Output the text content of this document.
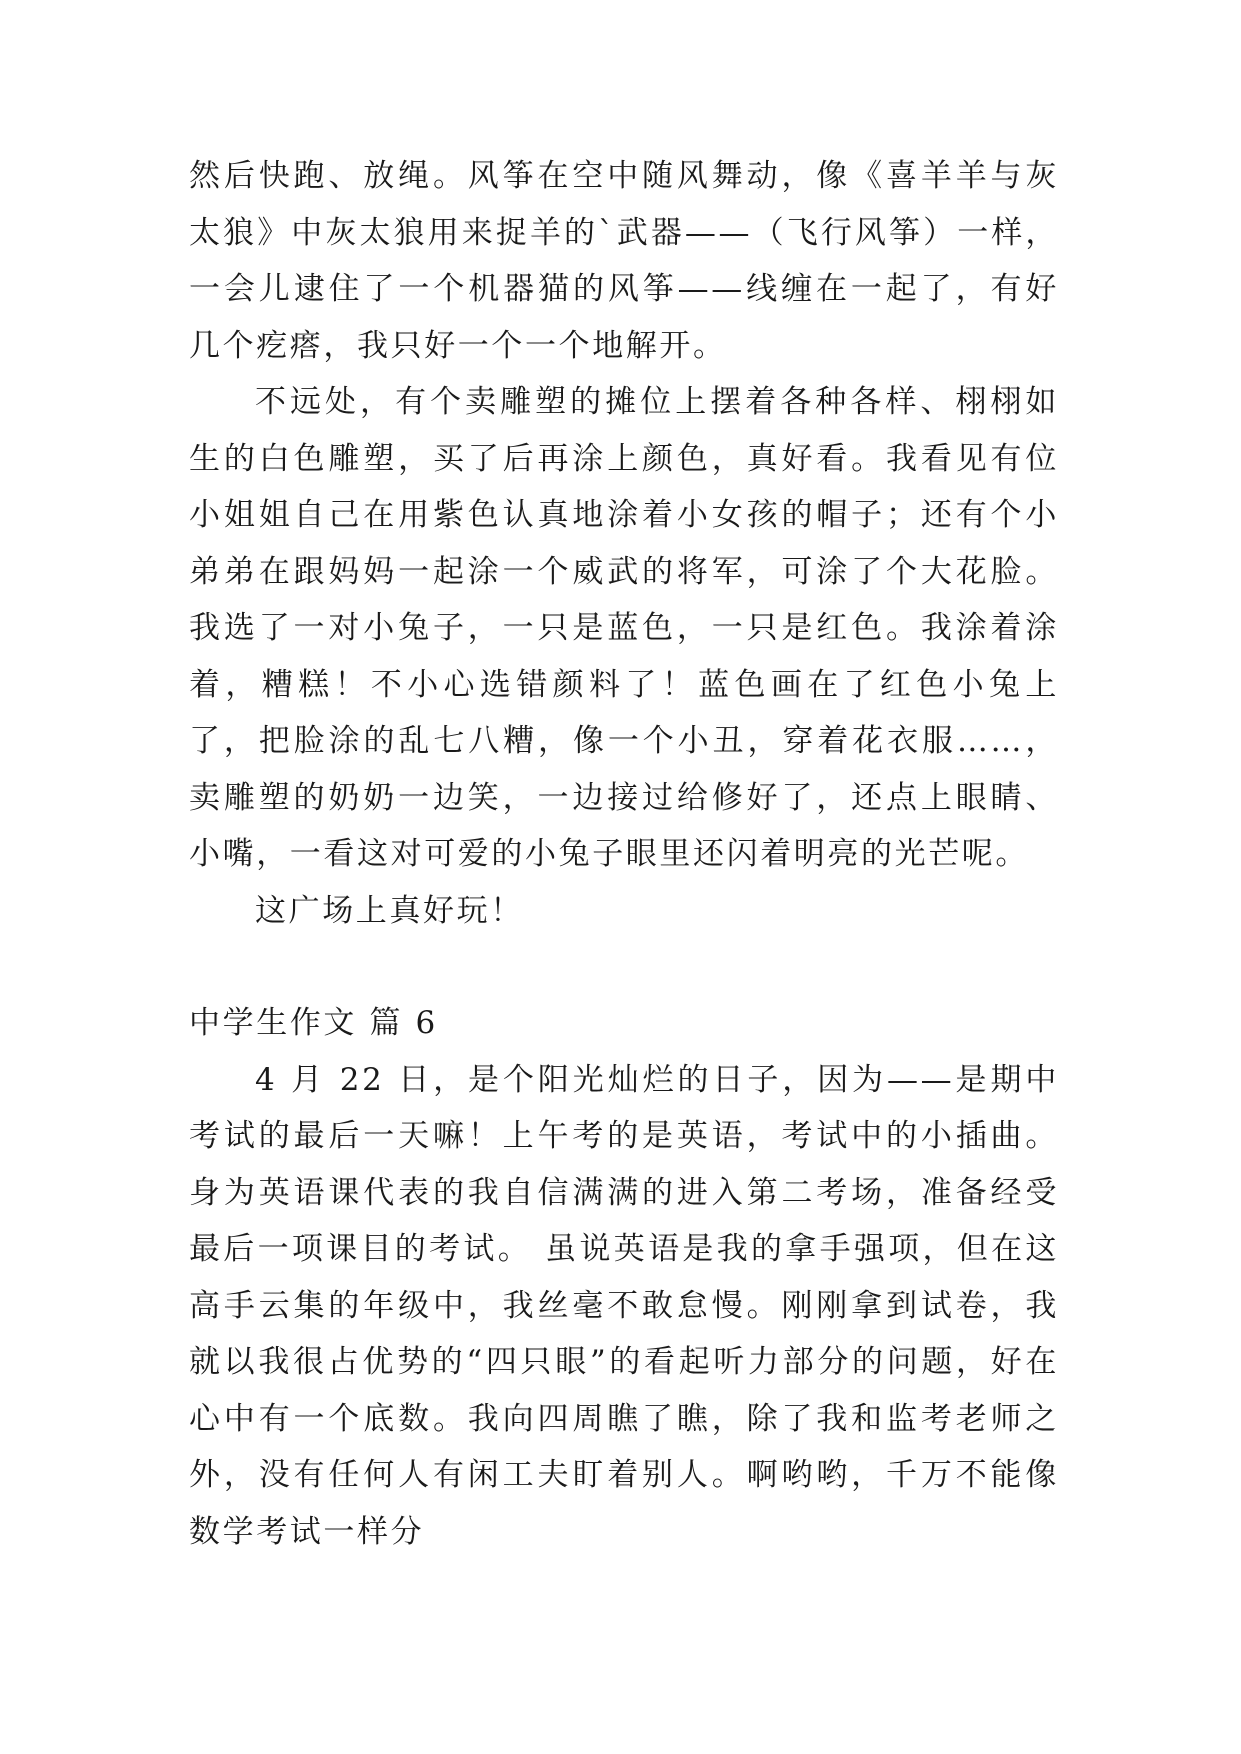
然后快跑、放绳。风筝在空中随风舞动，像《喜羊羊与灰太狼》中灰太狼用来捉羊的`武器——（飞行风筝）一样，一会儿逮住了一个机器猫的风筝——线缠在一起了，有好几个疙瘩，我只好一个一个地解开。

不远处，有个卖雕塑的摊位上摆着各种各样、栩栩如生的白色雕塑，买了后再涂上颜色，真好看。我看见有位小姐姐自己在用紫色认真地涂着小女孩的帽子；还有个小弟弟在跟妈妈一起涂一个威武的将军，可涂了个大花脸。我选了一对小兔子，一只是蓝色，一只是红色。我涂着涂着，糟糕！不小心选错颜料了！蓝色画在了红色小兔上了，把脸涂的乱七八糟，像一个小丑，穿着花衣服……，卖雕塑的奶奶一边笑，一边接过给修好了，还点上眼睛、小嘴，一看这对可爱的小兔子眼里还闪着明亮的光芒呢。

这广场上真好玩！

中学生作文 篇 6

4 月 22 日，是个阳光灿烂的日子，因为——是期中考试的最后一天嘛！上午考的是英语，考试中的小插曲。身为英语课代表的我自信满满的进入第二考场，准备经受最后一项课目的考试。 虽说英语是我的拿手强项，但在这高手云集的年级中，我丝毫不敢怠慢。刚刚拿到试卷，我就以我很占优势的“四只眼”的看起听力部分的问题，好在心中有一个底数。我向四周瞧了瞧，除了我和监考老师之外，没有任何人有闲工夫盯着别人。啊哟哟，千万不能像数学考试一样分
